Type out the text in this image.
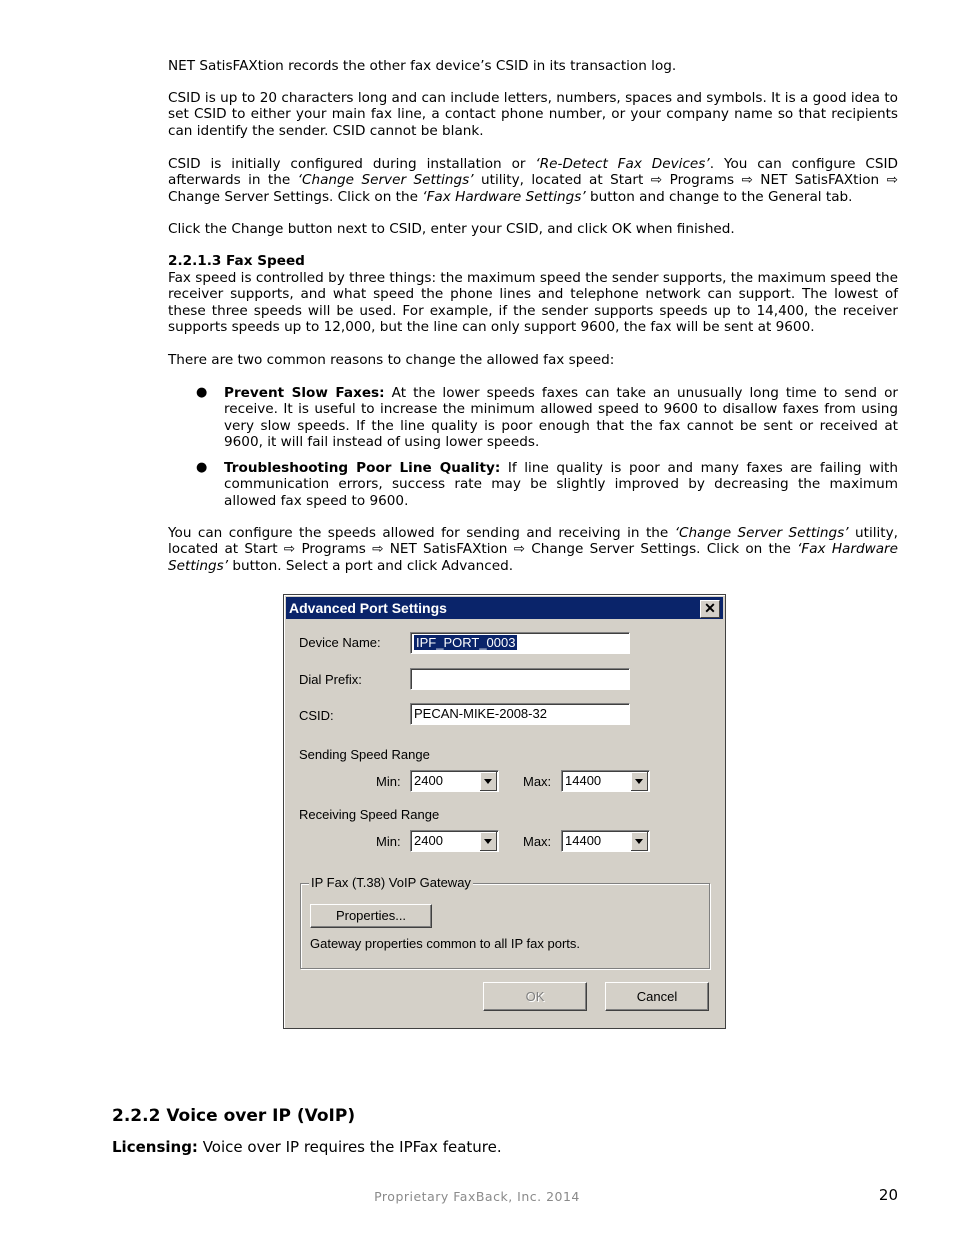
NET SatisFAXtion records the other fax device’s CSID in its transaction log.

CSID is up to 20 characters long and can include letters, numbers, spaces and symbols. It is a good idea to set CSID to either your main fax line, a contact phone number, or your company name so that recipients can identify the sender. CSID cannot be blank.

CSID is initially configured during installation or ‘Re-Detect Fax Devices’. You can configure CSID afterwards in the ‘Change Server Settings’ utility, located at Start ⇨ Programs ⇨ NET SatisFAXtion ⇨ Change Server Settings. Click on the ‘Fax Hardware Settings’ button and change to the General tab.

Click the Change button next to CSID, enter your CSID, and click OK when finished.

2.2.1.3 Fax Speed

Fax speed is controlled by three things: the maximum speed the sender supports, the maximum speed the receiver supports, and what speed the phone lines and telephone network can support. The lowest of these three speeds will be used. For example, if the sender supports speeds up to 14,400, the receiver supports speeds up to 12,000, but the line can only support 9600, the fax will be sent at 9600.

There are two common reasons to change the allowed fax speed:

● Prevent Slow Faxes: At the lower speeds faxes can take an unusually long time to send or receive. It is useful to increase the minimum allowed speed to 9600 to disallow faxes from using very slow speeds. If the line quality is poor enough that the fax cannot be sent or received at 9600, it will fail instead of using lower speeds.
● Troubleshooting Poor Line Quality: If line quality is poor and many faxes are failing with communication errors, success rate may be slightly improved by decreasing the maximum allowed fax speed to 9600.

You can configure the speeds allowed for sending and receiving in the ‘Change Server Settings’ utility, located at Start ⇨ Programs ⇨ NET SatisFAXtion ⇨ Change Server Settings. Click on the ‘Fax Hardware Settings’ button. Select a port and click Advanced.

Advanced Port Settings	✕
Device Name:	IPF_PORT_0003
Dial Prefix:
CSID:	PECAN-MIKE-2008-32
Sending Speed Range
Min:	2400	Max:	14400
Receiving Speed Range
Min:	2400	Max:	14400
IP Fax (T.38) VoIP Gateway
Properties...
Gateway properties common to all IP fax ports.
OK	Cancel
2.2.2 Voice over IP (VoIP)
Licensing: Voice over IP requires the IPFax feature.
Proprietary FaxBack, Inc. 2014	20
